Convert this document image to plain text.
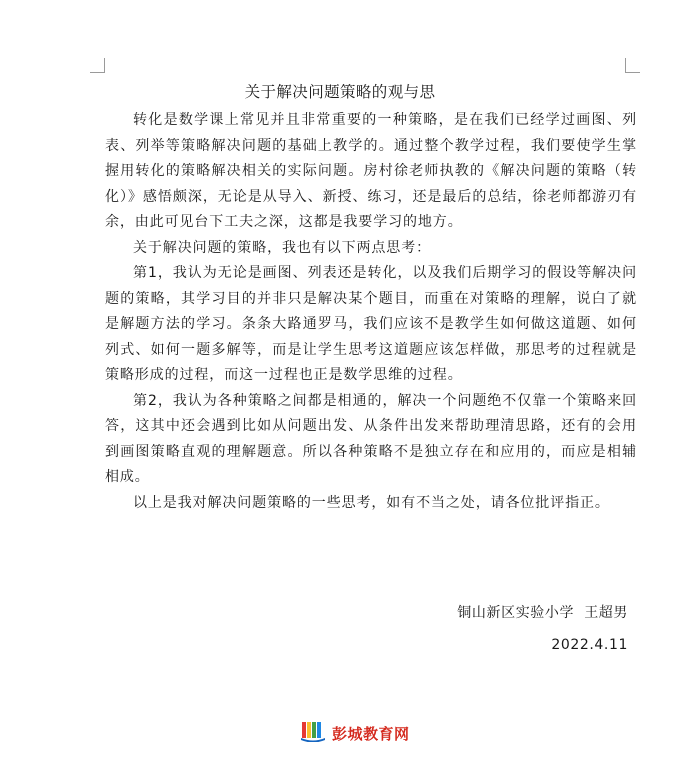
关于解决问题策略的观与思

转化是数学课上常见并且非常重要的一种策略，是在我们已经学过画图、列表、列举等策略解决问题的基础上教学的。通过整个教学过程，我们要使学生掌握用转化的策略解决相关的实际问题。房村徐老师执教的《解决问题的策略（转化）》感悟颇深，无论是从导入、新授、练习，还是最后的总结，徐老师都游刃有余，由此可见台下工夫之深，这都是我要学习的地方。

关于解决问题的策略，我也有以下两点思考：

第1，我认为无论是画图、列表还是转化，以及我们后期学习的假设等解决问题的策略，其学习目的并非只是解决某个题目，而重在对策略的理解，说白了就是解题方法的学习。条条大路通罗马，我们应该不是教学生如何做这道题、如何列式、如何一题多解等，而是让学生思考这道题应该怎样做，那思考的过程就是策略形成的过程，而这一过程也正是数学思维的过程。

第2，我认为各种策略之间都是相通的，解决一个问题绝不仅靠一个策略来回答，这其中还会遇到比如从问题出发、从条件出发来帮助理清思路，还有的会用到画图策略直观的理解题意。所以各种策略不是独立存在和应用的，而应是相辅相成。

以上是我对解决问题策略的一些思考，如有不当之处，请各位批评指正。

铜山新区实验小学  王超男
2022.4.11
彭城教育网
